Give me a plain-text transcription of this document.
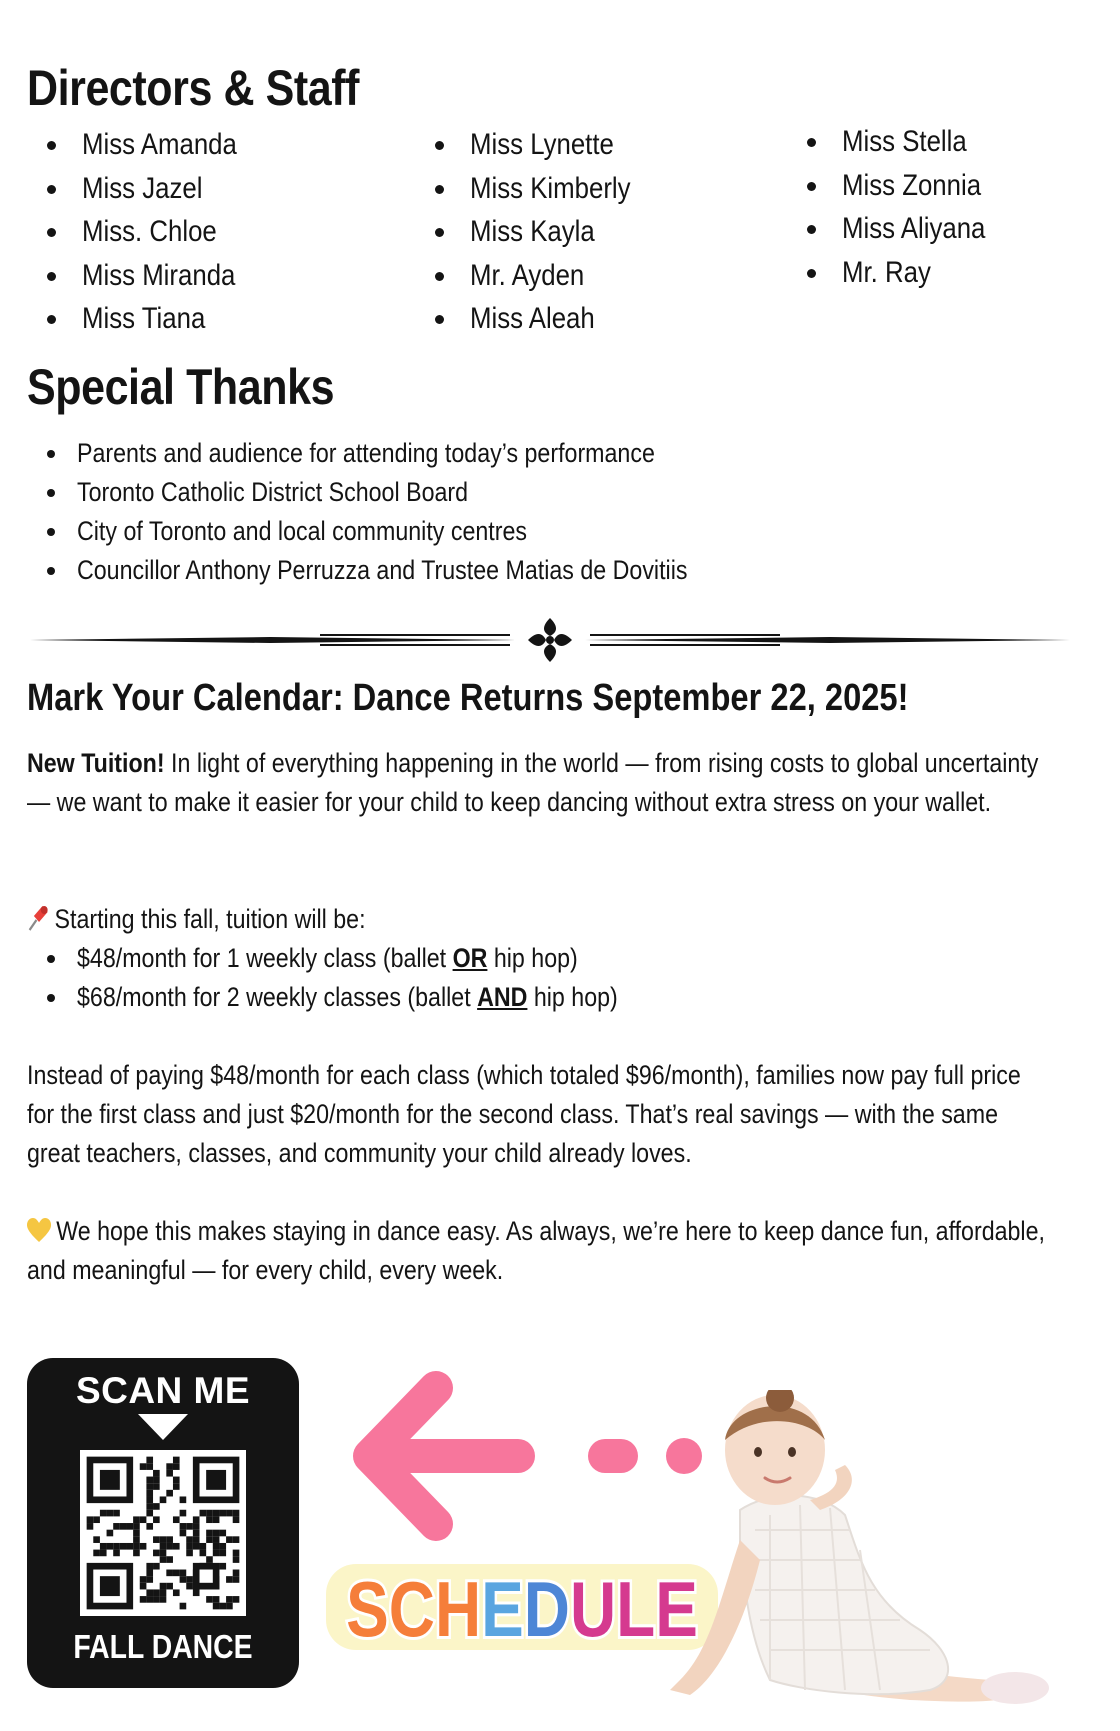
Directors & Staff
Miss Amanda
Miss Jazel
Miss. Chloe
Miss Miranda
Miss Tiana
Miss Lynette
Miss Kimberly
Miss Kayla
Mr. Ayden
Miss Aleah
Miss Stella
Miss Zonnia
Miss Aliyana
Mr. Ray
Special Thanks
Parents and audience for attending today’s performance
Toronto Catholic District School Board
City of Toronto and local community centres
Councillor Anthony Perruzza and Trustee Matias de Dovitiis
Mark Your Calendar: Dance Returns September 22, 2025!

New Tuition! In light of everything happening in the world — from rising costs to global uncertainty — we want to make it easier for your child to keep dancing without extra stress on your wallet.

Starting this fall, tuition will be:

$48/month for 1 weekly class (ballet OR hip hop)
$68/month for 2 weekly classes (ballet AND hip hop)

Instead of paying $48/month for each class (which totaled $96/month), families now pay full price for the first class and just $20/month for the second class. That’s real savings — with the same great teachers, classes, and community your child already loves.

We hope this makes staying in dance easy. As always, we’re here to keep dance fun, affordable, and meaningful — for every child, every week.

SCAN ME
FALL DANCE	SCHEDULE
